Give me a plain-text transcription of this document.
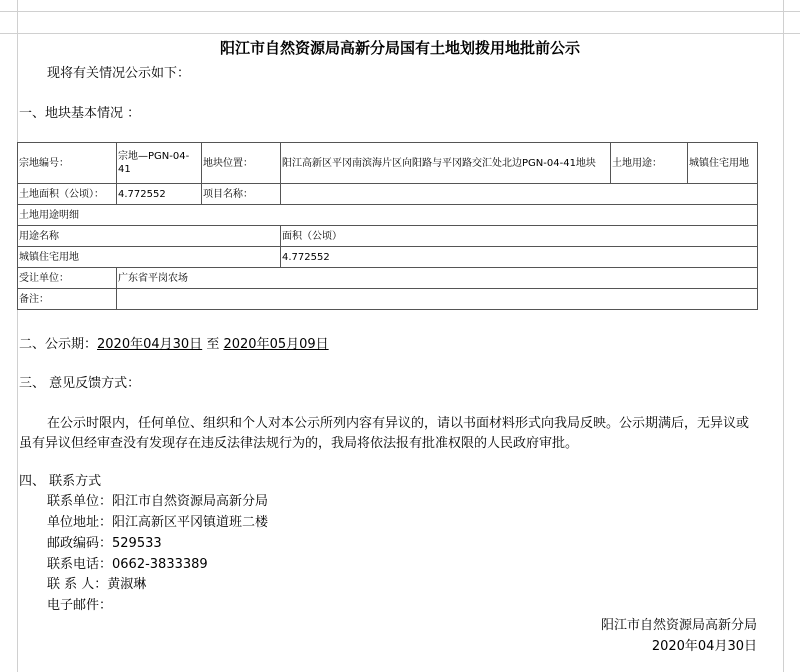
阳江市自然资源局高新分局国有土地划拨用地批前公示
现将有关情况公示如下：
一、地块基本情况 ：
宗地编号：	宗地—PGN-04-41	地块位置：	阳江高新区平冈南滨海片区向阳路与平冈路交汇处北边PGN-04-41地块	土地用途：	城镇住宅用地
土地面积（公顷）：	4.772552	项目名称：			
土地用途明细					
用途名称			面积（公顷）		
城镇住宅用地			4.772552		
受让单位：	广东省平岗农场				
备注：					
二、公示期：2020年04月30日 至 2020年05月09日
三、 意见反馈方式：
在公示时限内，任何单位、组织和个人对本公示所列内容有异议的，请以书面材料形式向我局反映。公示期满后，无异议或虽有异议但经审查没有发现存在违反法律法规行为的，我局将依法报有批准权限的人民政府审批。
四、 联系方式
联系单位：阳江市自然资源局高新分局
单位地址：阳江高新区平冈镇道班二楼
邮政编码：529533
联系电话：0662-3833389
联 系 人：黄淑琳
电子邮件：
阳江市自然资源局高新分局
2020年04月30日
